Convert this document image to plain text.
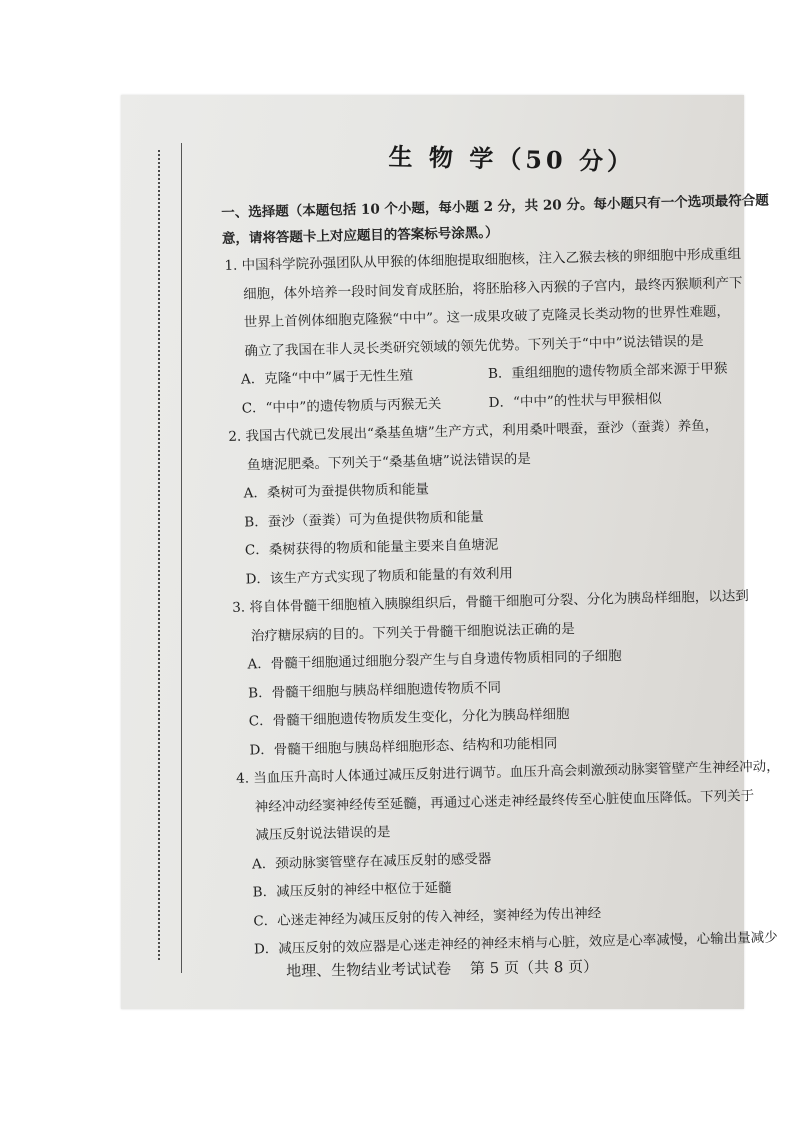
生 物 学（50 分）

一、选择题（本题包括 10 个小题，每小题 2 分，共 20 分。每小题只有一个选项最符合题

意，请将答题卡上对应题目的答案标号涂黑。）

1. 中国科学院孙强团队从甲猴的体细胞提取细胞核，注入乙猴去核的卵细胞中形成重组

细胞，体外培养一段时间发育成胚胎，将胚胎移入丙猴的子宫内，最终丙猴顺利产下

世界上首例体细胞克隆猴“中中”。这一成果攻破了克隆灵长类动物的世界性难题，

确立了我国在非人灵长类研究领域的领先优势。下列关于“中中”说法错误的是

A．克隆“中中”属于无性生殖	B．重组细胞的遗传物质全部来源于甲猴
C．“中中”的遗传物质与丙猴无关	D．“中中”的性状与甲猴相似

2. 我国古代就已发展出“桑基鱼塘”生产方式，利用桑叶喂蚕，蚕沙（蚕粪）养鱼，

鱼塘泥肥桑。下列关于“桑基鱼塘”说法错误的是

A．桑树可为蚕提供物质和能量

B．蚕沙（蚕粪）可为鱼提供物质和能量

C．桑树获得的物质和能量主要来自鱼塘泥

D．该生产方式实现了物质和能量的有效利用

3. 将自体骨髓干细胞植入胰腺组织后，骨髓干细胞可分裂、分化为胰岛样细胞，以达到

治疗糖尿病的目的。下列关于骨髓干细胞说法正确的是

A．骨髓干细胞通过细胞分裂产生与自身遗传物质相同的子细胞

B．骨髓干细胞与胰岛样细胞遗传物质不同

C．骨髓干细胞遗传物质发生变化，分化为胰岛样细胞

D．骨髓干细胞与胰岛样细胞形态、结构和功能相同

4. 当血压升高时人体通过减压反射进行调节。血压升高会刺激颈动脉窦管壁产生神经冲动，

神经冲动经窦神经传至延髓，再通过心迷走神经最终传至心脏使血压降低。下列关于

减压反射说法错误的是

A．颈动脉窦管壁存在减压反射的感受器

B．减压反射的神经中枢位于延髓

C．心迷走神经为减压反射的传入神经，窦神经为传出神经

D．减压反射的效应器是心迷走神经的神经末梢与心脏，效应是心率减慢，心输出量减少

地理、生物结业考试试卷 第 5 页（共 8 页）
